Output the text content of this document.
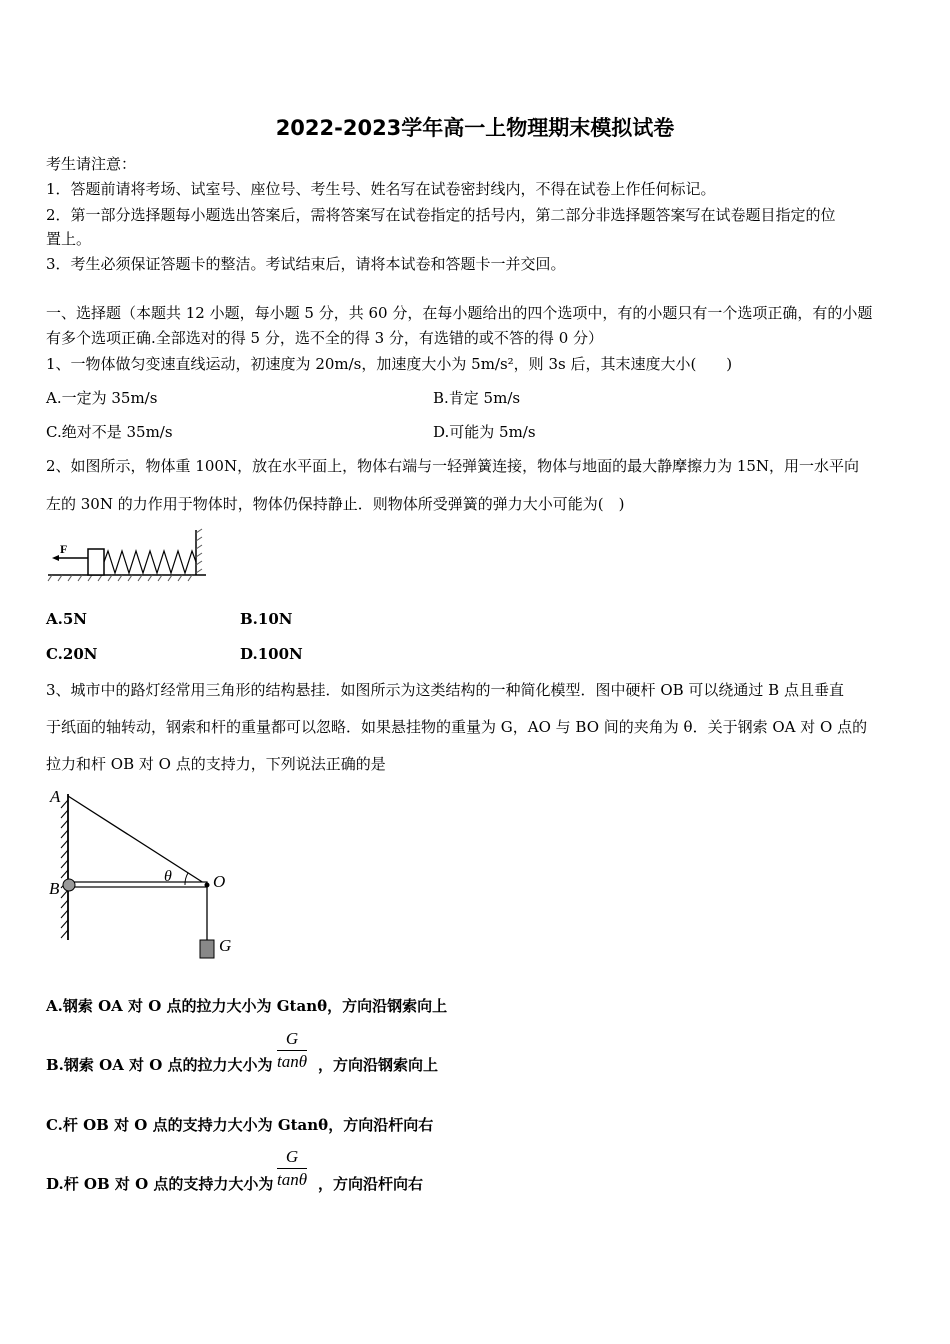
2022-2023学年高一上物理期末模拟试卷
考生请注意：
1．答题前请将考场、试室号、座位号、考生号、姓名写在试卷密封线内，不得在试卷上作任何标记。
2．第一部分选择题每小题选出答案后，需将答案写在试卷指定的括号内，第二部分非选择题答案写在试卷题目指定的位
置上。
3．考生必须保证答题卡的整洁。考试结束后，请将本试卷和答题卡一并交回。
一、选择题（本题共 12 小题，每小题 5 分，共 60 分，在每小题给出的四个选项中，有的小题只有一个选项正确，有的小题
有多个选项正确.全部选对的得 5 分，选不全的得 3 分，有选错的或不答的得 0 分）
1、一物体做匀变速直线运动，初速度为 20m/s，加速度大小为 5m/s²，则 3s 后，其末速度大小(　　)
A.一定为 35m/s	B.肯定 5m/s
C.绝对不是 35m/s	D.可能为 5m/s
2、如图所示，物体重 100N，放在水平面上，物体右端与一轻弹簧连接，物体与地面的最大静摩擦力为 15N，用一水平向
左的 30N 的力作用于物体时，物体仍保持静止．则物体所受弹簧的弹力大小可能为(　)
F
A.5N	B.10N
C.20N	D.100N
3、城市中的路灯经常用三角形的结构悬挂．如图所示为这类结构的一种简化模型．图中硬杆 OB 可以绕通过 B 点且垂直
于纸面的轴转动，钢索和杆的重量都可以忽略．如果悬挂物的重量为 G，AO 与 BO 间的夹角为 θ．关于钢索 OA 对 O 点的
拉力和杆 OB 对 O 点的支持力，下列说法正确的是
A
B	O
G
θ
A.钢索 OA 对 O 点的拉力大小为 Gtanθ，方向沿钢索向上
B.钢索 OA 对 O 点的拉力大小为 $\frac{G}{\tan\theta}$ ，方向沿钢索向上
C.杆 OB 对 O 点的支持力大小为 Gtanθ，方向沿杆向右
D.杆 OB 对 O 点的支持力大小为 $\frac{G}{\tan\theta}$ ，方向沿杆向右
